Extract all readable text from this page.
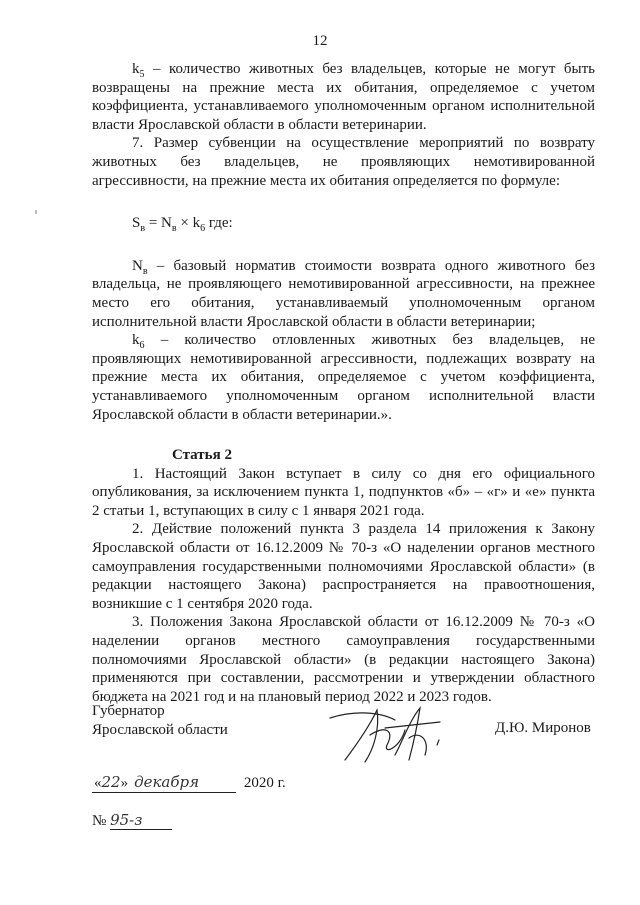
12

$k_5$ – количество животных без владельцев, которые не могут быть возвращены на прежние места их обитания, определяемое с учетом коэффициента, устанавливаемого уполномоченным органом исполнительной власти Ярославской области в области ветеринарии.

7. Размер субвенции на осуществление мероприятий по возврату животных без владельцев, не проявляющих немотивированной агрессивности, на прежние места их обитания определяется по формуле:

$S_в = N_в \times k_6$ где:

$N_в$ – базовый норматив стоимости возврата одного животного без владельца, не проявляющего немотивированной агрессивности, на прежнее место его обитания, устанавливаемый уполномоченным органом исполнительной власти Ярославской области в области ветеринарии;

$k_6$ – количество отловленных животных без владельцев, не проявляющих немотивированной агрессивности, подлежащих возврату на прежние места их обитания, определяемое с учетом коэффициента, устанавливаемого уполномоченным органом исполнительной власти Ярославской области в области ветеринарии.».

Статья 2

1. Настоящий Закон вступает в силу со дня его официального опубликования, за исключением пункта 1, подпунктов «б» – «г» и «е» пункта 2 статьи 1, вступающих в силу с 1 января 2021 года.

2. Действие положений пункта 3 раздела 14 приложения к Закону Ярославской области от 16.12.2009 № 70-з «О наделении органов местного самоуправления государственными полномочиями Ярославской области» (в редакции настоящего Закона) распространяется на правоотношения, возникшие с 1 сентября 2020 года.

3. Положения Закона Ярославской области от 16.12.2009 № 70-з «О наделении органов местного самоуправления государственными полномочиями Ярославской области» (в редакции настоящего Закона) применяются при составлении, рассмотрении и утверждении областного бюджета на 2021 год и на плановый период 2022 и 2023 годов.

Губернатор
Ярославской области	Д.Ю. Миронов
«22» декабря	2020 г.
№ 95-з
